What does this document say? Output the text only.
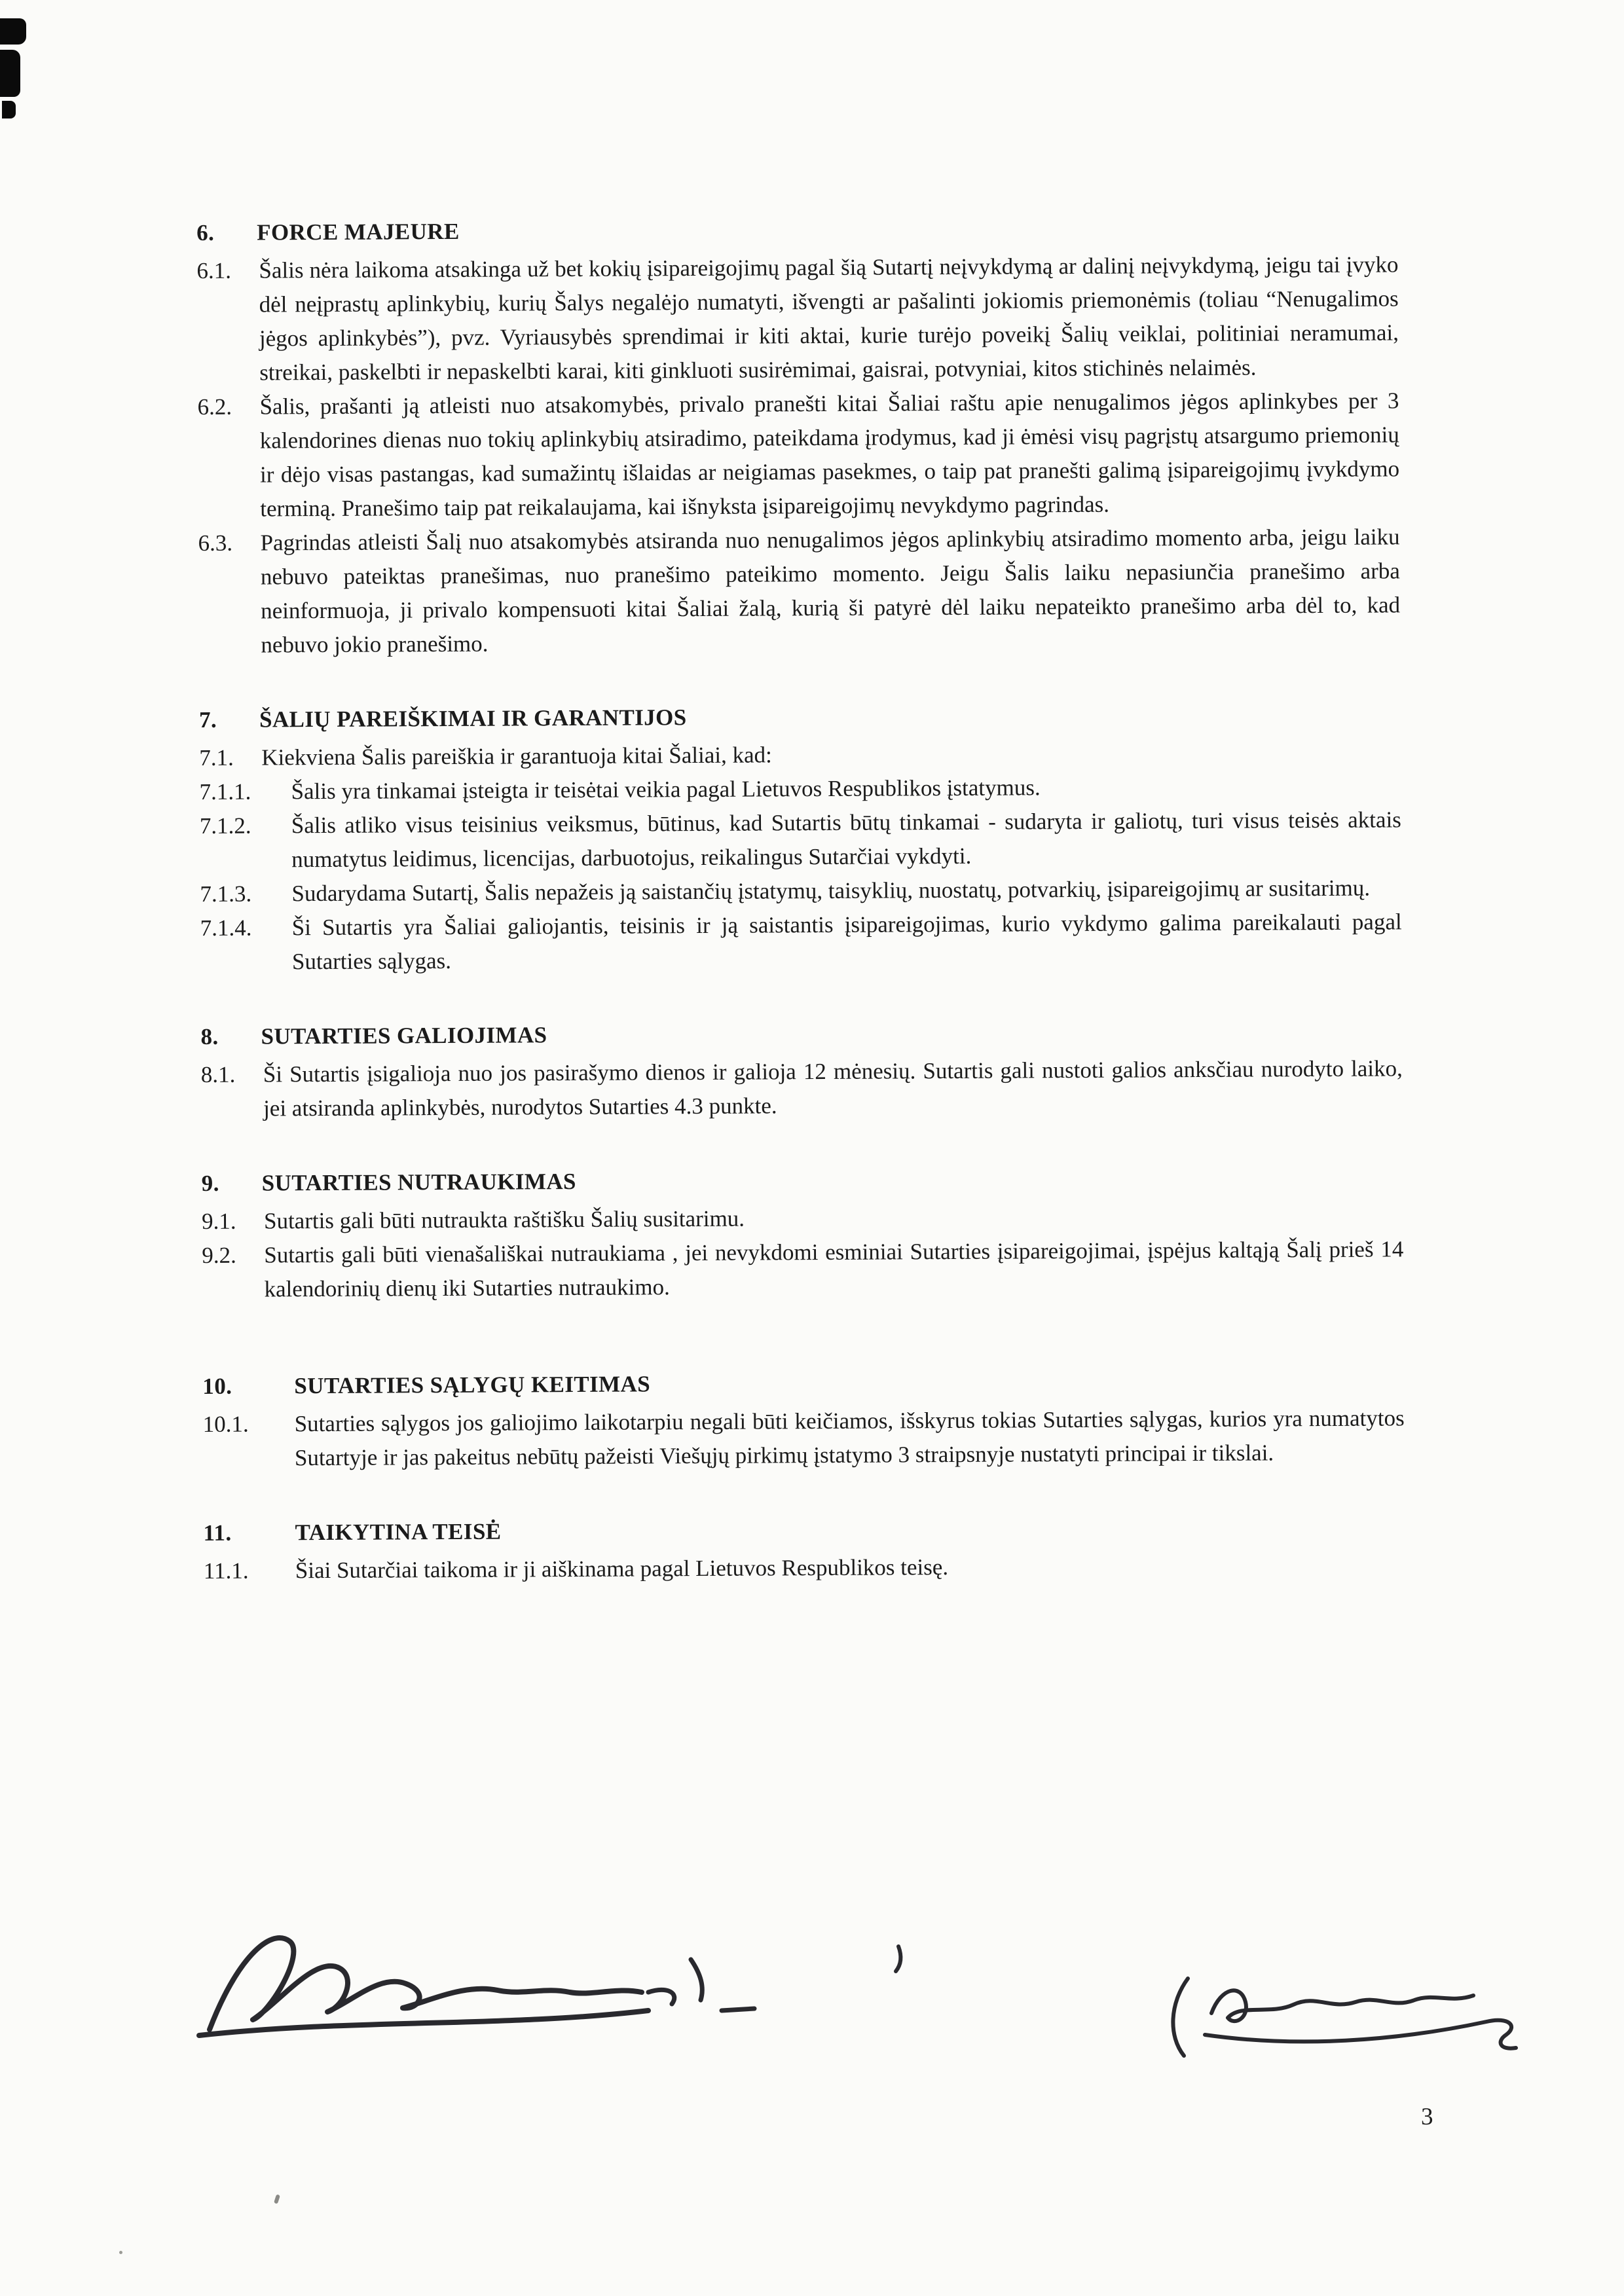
6.	FORCE MAJEURE
6.1.	Šalis nėra laikoma atsakinga už bet kokių įsipareigojimų pagal šią Sutartį neįvykdymą ar dalinį neįvykdymą, jeigu tai įvyko dėl neįprastų aplinkybių, kurių Šalys negalėjo numatyti, išvengti ar pašalinti jokiomis priemonėmis (toliau “Nenugalimos jėgos aplinkybės”), pvz. Vyriausybės sprendimai ir kiti aktai, kurie turėjo poveikį Šalių veiklai, politiniai neramumai, streikai, paskelbti ir nepaskelbti karai, kiti ginkluoti susirėmimai, gaisrai, potvyniai, kitos stichinės nelaimės.
6.2.	Šalis, prašanti ją atleisti nuo atsakomybės, privalo pranešti kitai Šaliai raštu apie nenugalimos jėgos aplinkybes per 3 kalendorines dienas nuo tokių aplinkybių atsiradimo, pateikdama įrodymus, kad ji ėmėsi visų pagrįstų atsargumo priemonių ir dėjo visas pastangas, kad sumažintų išlaidas ar neigiamas pasekmes, o taip pat pranešti galimą įsipareigojimų įvykdymo terminą. Pranešimo taip pat reikalaujama, kai išnyksta įsipareigojimų nevykdymo pagrindas.
6.3.	Pagrindas atleisti Šalį nuo atsakomybės atsiranda nuo nenugalimos jėgos aplinkybių atsiradimo momento arba, jeigu laiku nebuvo pateiktas pranešimas, nuo pranešimo pateikimo momento. Jeigu Šalis laiku nepasiunčia pranešimo arba neinformuoja, ji privalo kompensuoti kitai Šaliai žalą, kurią ši patyrė dėl laiku nepateikto pranešimo arba dėl to, kad nebuvo jokio pranešimo.
7.	ŠALIŲ PAREIŠKIMAI IR GARANTIJOS
7.1.	Kiekviena Šalis pareiškia ir garantuoja kitai Šaliai, kad:
7.1.1.	Šalis yra tinkamai įsteigta ir teisėtai veikia pagal Lietuvos Respublikos įstatymus.
7.1.2.	Šalis atliko visus teisinius veiksmus, būtinus, kad Sutartis būtų tinkamai - sudaryta ir galiotų, turi visus teisės aktais numatytus leidimus, licencijas, darbuotojus, reikalingus Sutarčiai vykdyti.
7.1.3.	Sudarydama Sutartį, Šalis nepažeis ją saistančių įstatymų, taisyklių, nuostatų, potvarkių, įsipareigojimų ar susitarimų.
7.1.4.	Ši Sutartis yra Šaliai galiojantis, teisinis ir ją saistantis įsipareigojimas, kurio vykdymo galima pareikalauti pagal Sutarties sąlygas.
8.	SUTARTIES GALIOJIMAS
8.1.	Ši Sutartis įsigalioja nuo jos pasirašymo dienos ir galioja 12 mėnesių. Sutartis gali nustoti galios anksčiau nurodyto laiko, jei atsiranda aplinkybės, nurodytos Sutarties 4.3 punkte.
9.	SUTARTIES NUTRAUKIMAS
9.1.	Sutartis gali būti nutraukta raštišku Šalių susitarimu.
9.2.	Sutartis gali būti vienašališkai nutraukiama , jei nevykdomi esminiai Sutarties įsipareigojimai, įspėjus kaltąją Šalį prieš 14 kalendorinių dienų iki Sutarties nutraukimo.
10.	SUTARTIES SĄLYGŲ KEITIMAS
10.1.	Sutarties sąlygos jos galiojimo laikotarpiu negali būti keičiamos, išskyrus tokias Sutarties sąlygas, kurios yra numatytos Sutartyje ir jas pakeitus nebūtų pažeisti Viešųjų pirkimų įstatymo 3 straipsnyje nustatyti principai ir tikslai.
11.	TAIKYTINA TEISĖ
11.1.	Šiai Sutarčiai taikoma ir ji aiškinama pagal Lietuvos Respublikos teisę.
3
